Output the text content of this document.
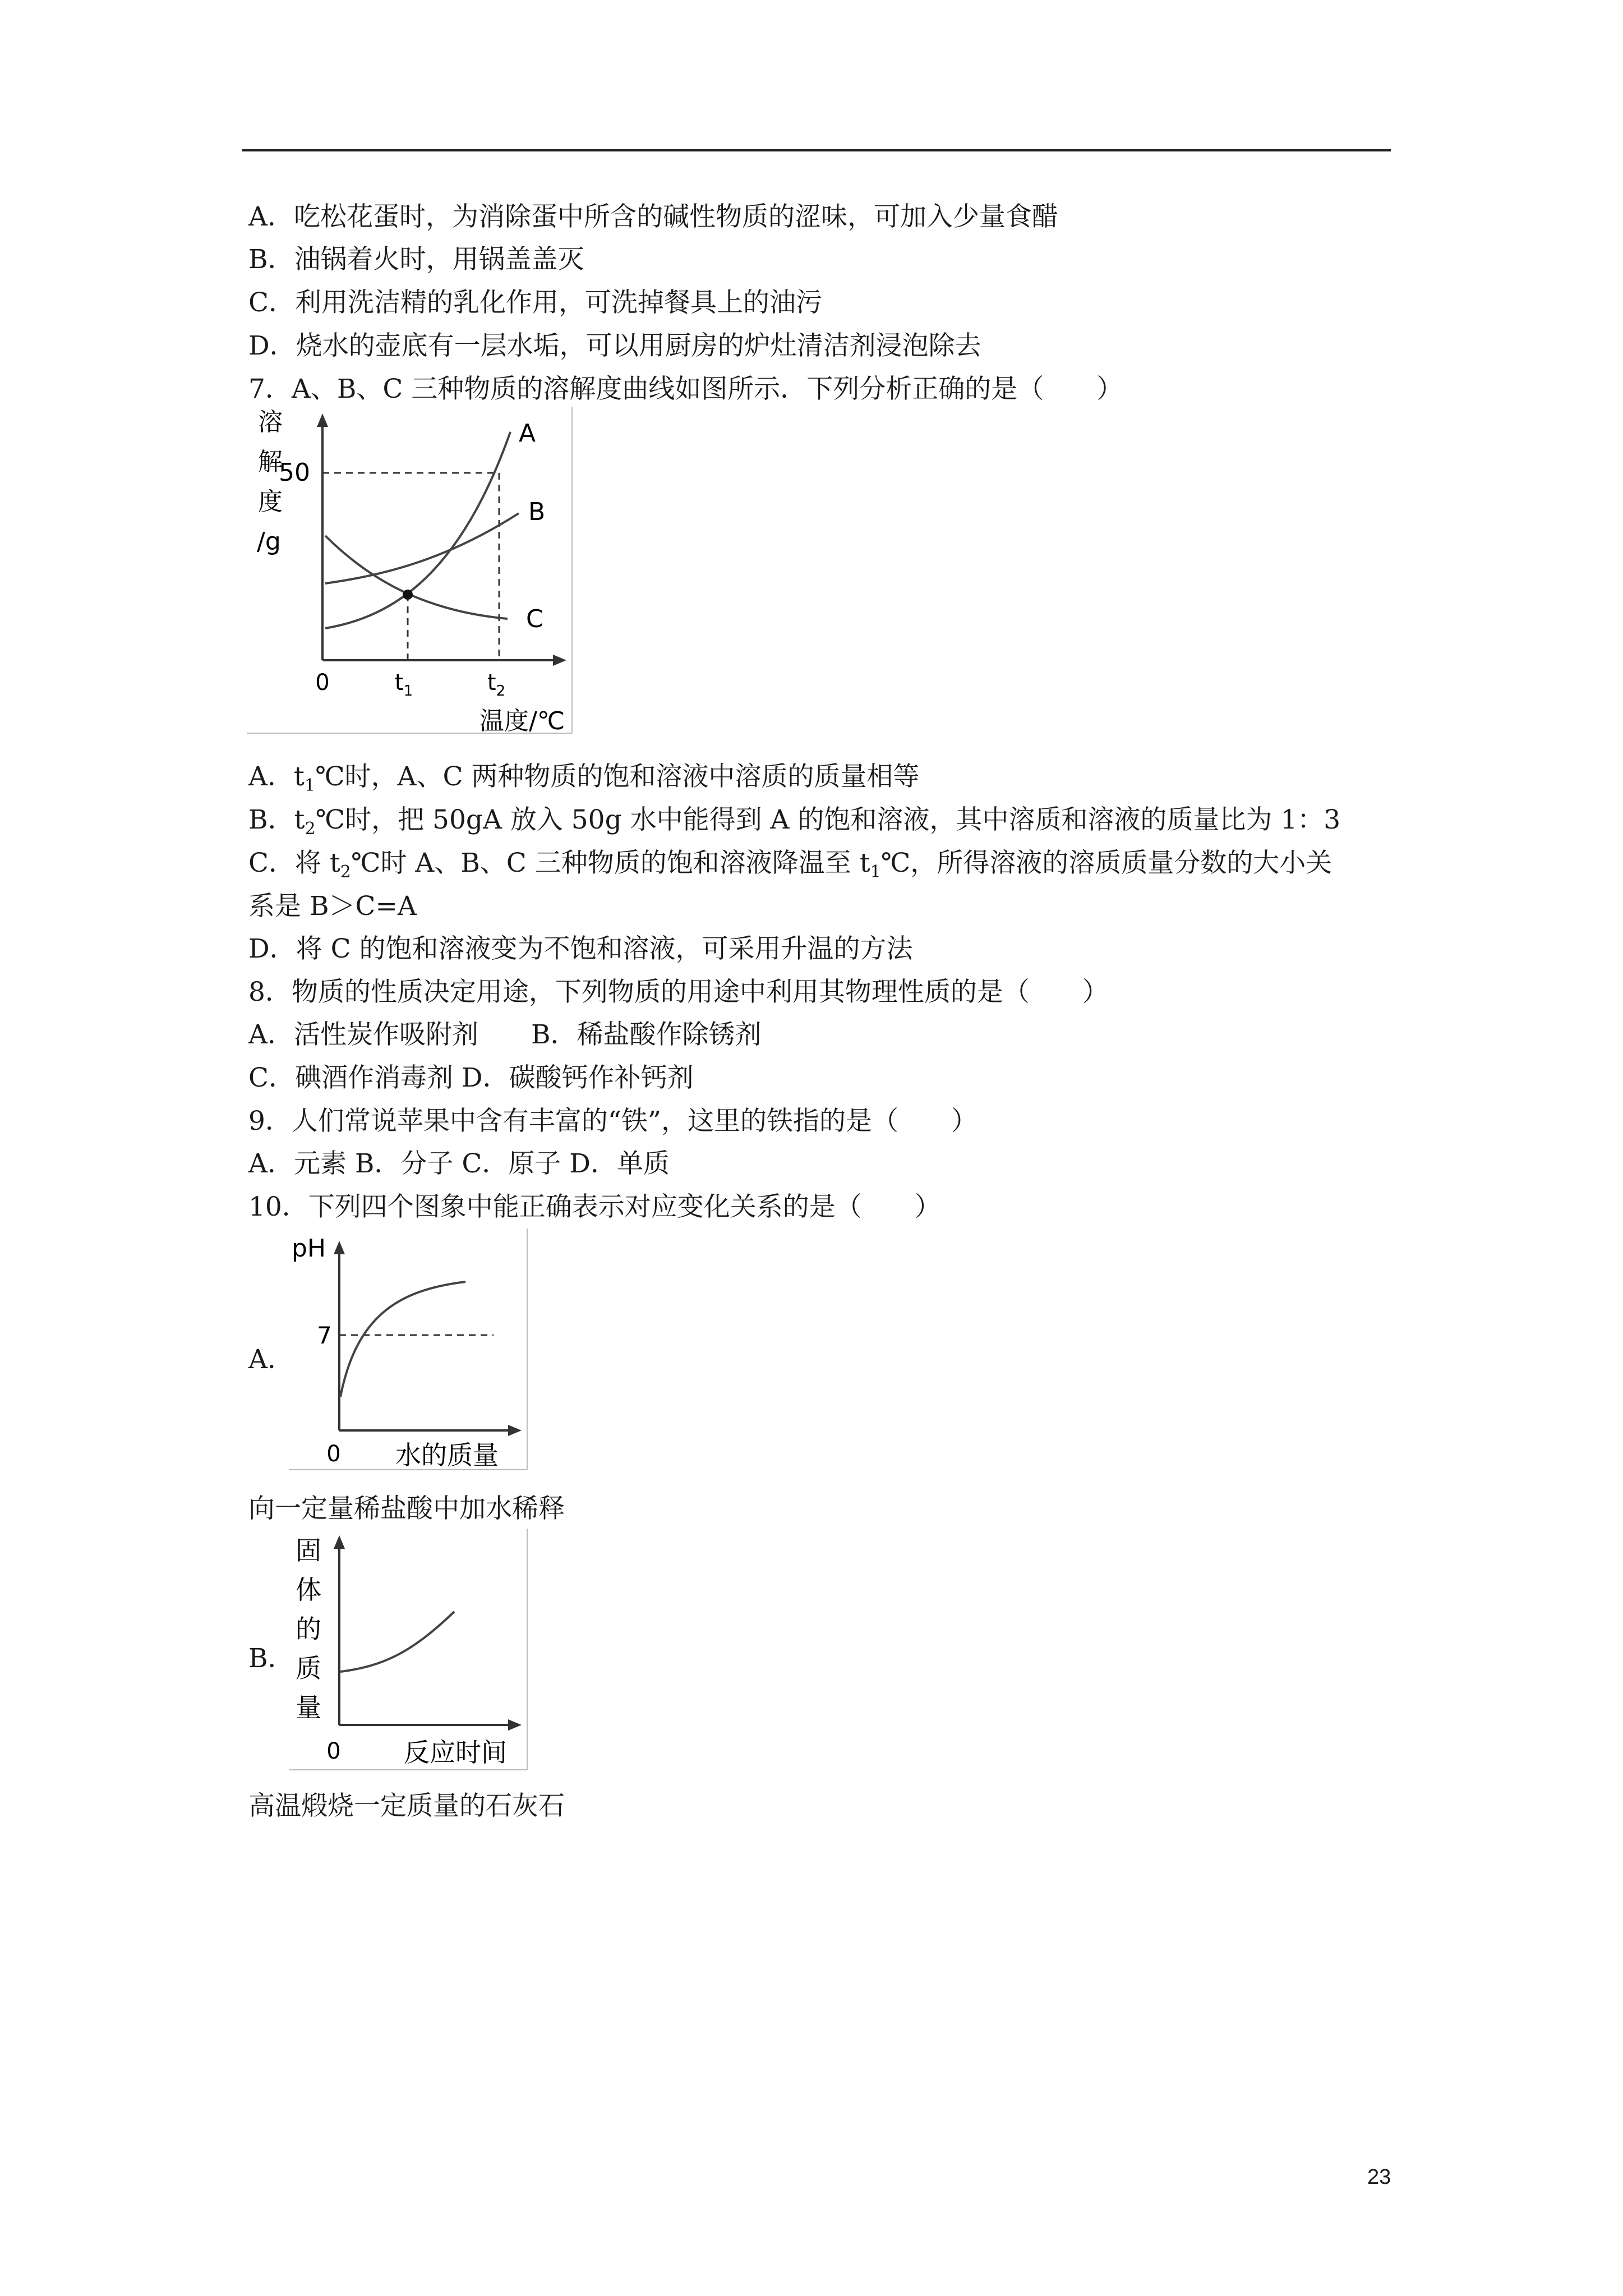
A．吃松花蛋时，为消除蛋中所含的碱性物质的涩味，可加入少量食醋
B．油锅着火时，用锅盖盖灭
C．利用洗洁精的乳化作用，可洗掉餐具上的油污
D．烧水的壶底有一层水垢，可以用厨房的炉灶清洁剂浸泡除去
7．A、B、C 三种物质的溶解度曲线如图所示．下列分析正确的是（　　）
溶
解
度
/g
50
0	$t_1$	$t_2$
温度/℃
A
B
C
A．$t_1℃$时，A、C 两种物质的饱和溶液中溶质的质量相等
B．$t_2℃$时，把 50gA 放入 50g 水中能得到 A 的饱和溶液，其中溶质和溶液的质量比为 1：3
C．将 $t_2℃$时 A、B、C 三种物质的饱和溶液降温至 $t_1℃$，所得溶液的溶质质量分数的大小关
系是 B＞C=A
D．将 C 的饱和溶液变为不饱和溶液，可采用升温的方法
8．物质的性质决定用途，下列物质的用途中利用其物理性质的是（　　）
A．活性炭作吸附剂　　B．稀盐酸作除锈剂
C．碘酒作消毒剂 D．碳酸钙作补钙剂
9．人们常说苹果中含有丰富的“铁”，这里的铁指的是（　　）
A．元素 B．分子 C．原子 D．单质
10．下列四个图象中能正确表示对应变化关系的是（　　）
A．
pH
7
0 水的质量
向一定量稀盐酸中加水稀释
B．
固
体
的
质
量
0 反应时间
高温煅烧一定质量的石灰石
23
